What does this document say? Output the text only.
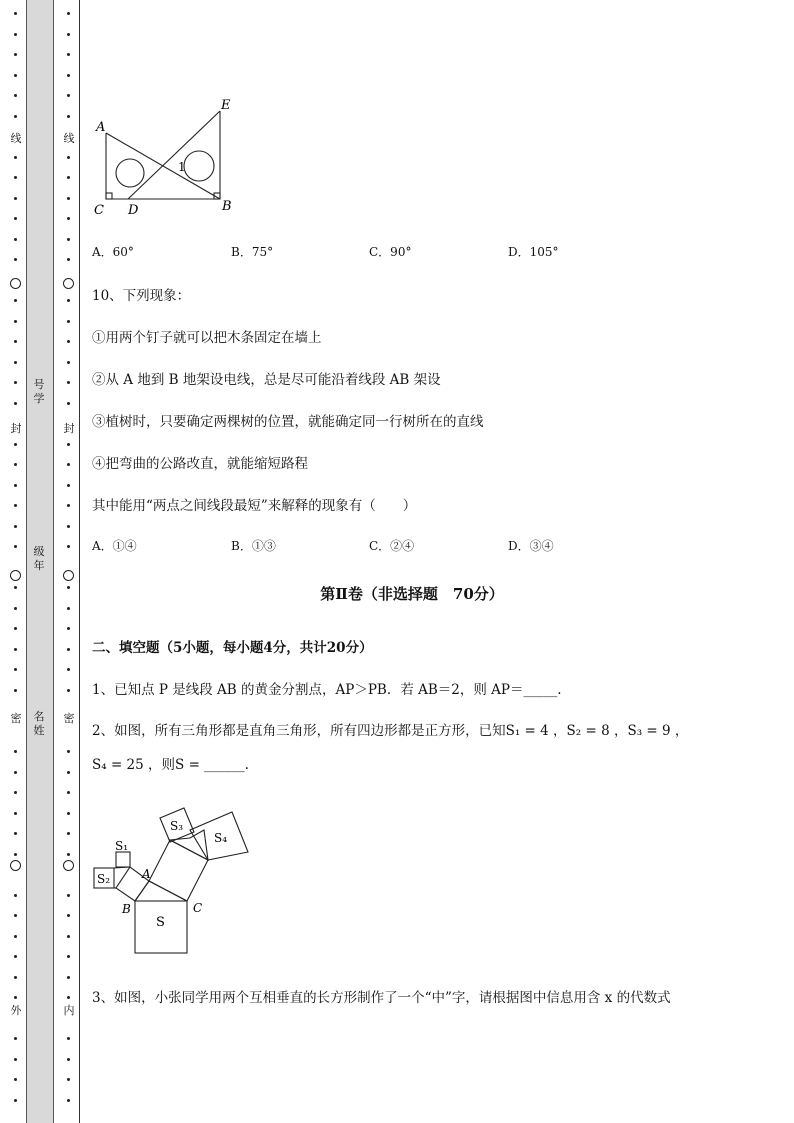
线
封
密
外
号
学
级
年
名
姓
线
封
密
内
A
E
C D	B
1
A．60°	B．75°	C．90°	D．105°
10、下列现象：
①用两个钉子就可以把木条固定在墙上
②从 A 地到 B 地架设电线，总是尽可能沿着线段 AB 架设
③植树时，只要确定两棵树的位置，就能确定同一行树所在的直线
④把弯曲的公路改直，就能缩短路程
其中能用“两点之间线段最短”来解释的现象有（　　）
A．①④	B．①③	C．②④	D．③④
第Ⅱ卷（非选择题　70分）
二、填空题（5小题，每小题4分，共计20分）
1、已知点 P 是线段 AB 的黄金分割点，AP＞PB．若 AB＝2，则 AP＝_____.
2、如图，所有三角形都是直角三角形，所有四边形都是正方形，已知S₁ = 4 ，S₂ = 8 ，S₃ = 9 ，
S₄ = 25 ，则S = ______.
S₁
S₂
S₃
S₄
S
A
B	C
3、如图，小张同学用两个互相垂直的长方形制作了一个“中”字，请根据图中信息用含 x 的代数式
